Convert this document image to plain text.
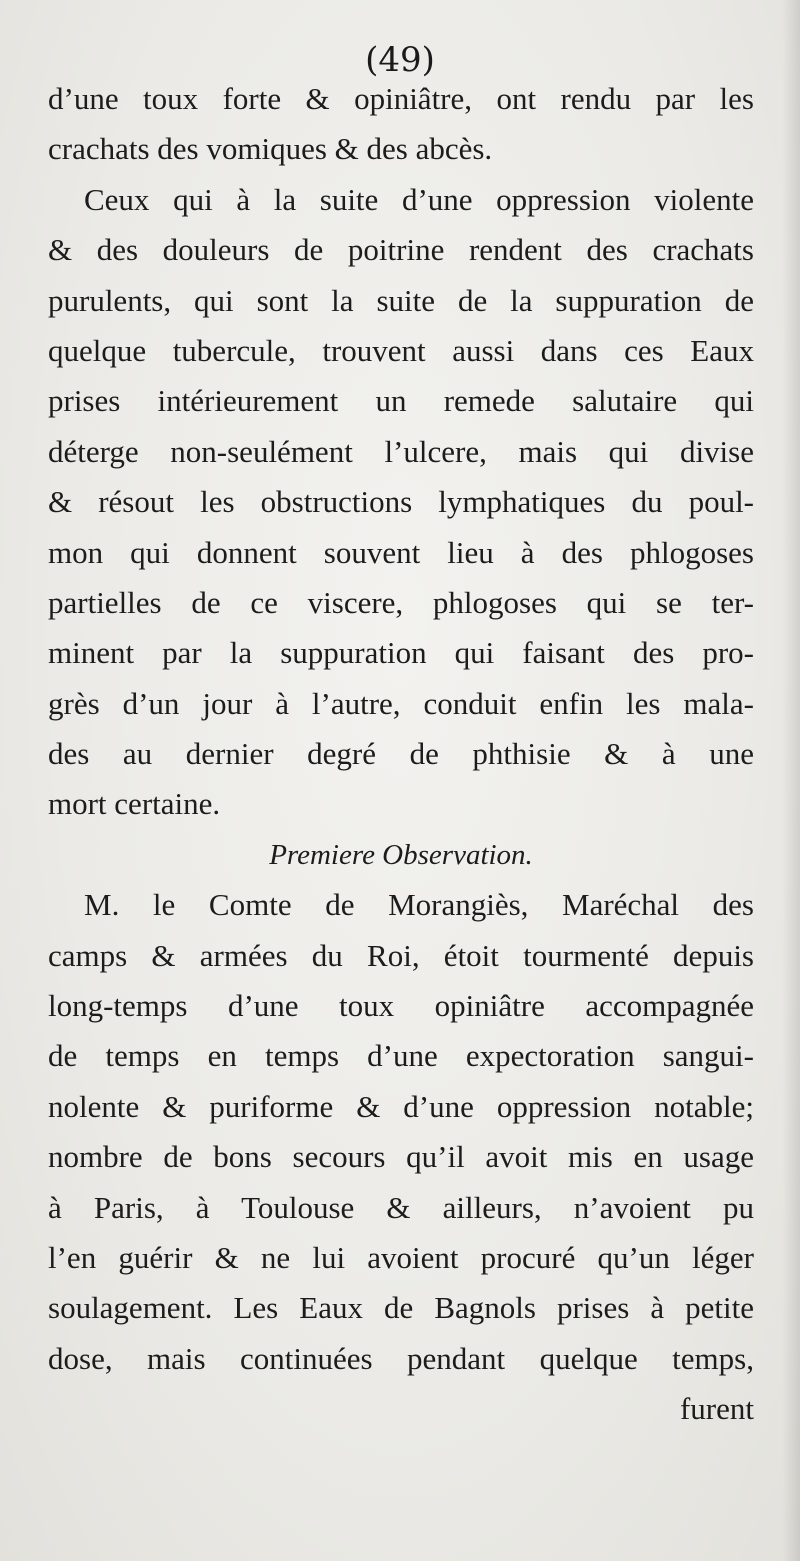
(49)

d’une toux forte & opiniâtre, ont rendu par les
crachats des vomiques & des abcès.
Ceux qui à la suite d’une oppression violente
& des douleurs de poitrine rendent des crachats
purulents, qui sont la suite de la suppuration de
quelque tubercule, trouvent aussi dans ces Eaux
prises intérieurement un remede salutaire qui
déterge non-seulément l’ulcere, mais qui divise
& résout les obstructions lymphatiques du poul-
mon qui donnent souvent lieu à des phlogoses
partielles de ce viscere, phlogoses qui se ter-
minent par la suppuration qui faisant des pro-
grès d’un jour à l’autre, conduit enfin les mala-
des au dernier degré de phthisie & à une
mort certaine.
Premiere Observation.
M. le Comte de Morangiès, Maréchal des
camps & armées du Roi, étoit tourmenté depuis
long-temps d’une toux opiniâtre accompagnée
de temps en temps d’une expectoration sangui-
nolente & puriforme & d’une oppression notable;
nombre de bons secours qu’il avoit mis en usage
à Paris, à Toulouse & ailleurs, n’avoient pu
l’en guérir & ne lui avoient procuré qu’un léger
soulagement. Les Eaux de Bagnols prises à petite
dose, mais continuées pendant quelque temps,
furent
